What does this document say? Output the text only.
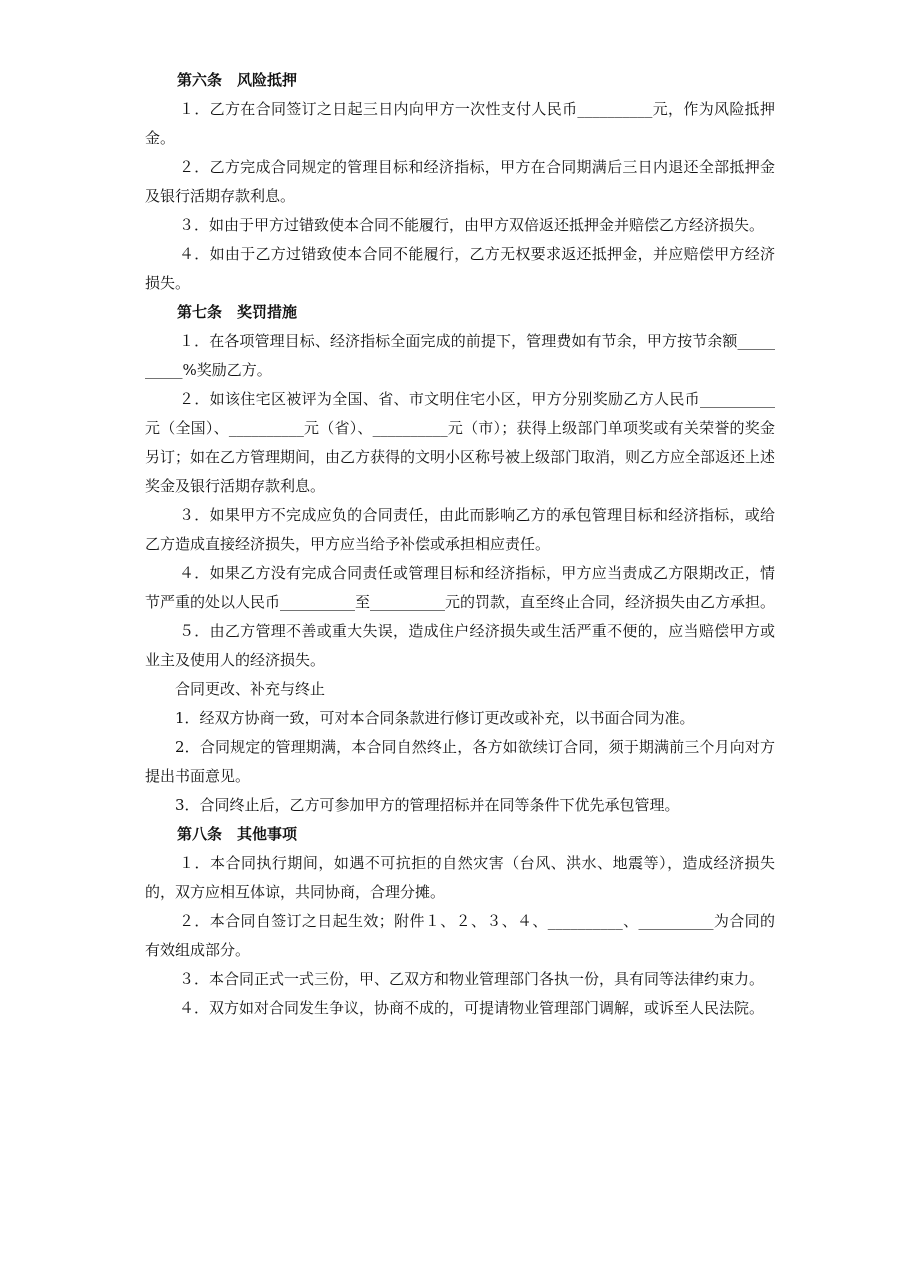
第六条　风险抵押

１．乙方在合同签订之日起三日内向甲方一次性支付人民币__________元，作为风险抵押金。

２．乙方完成合同规定的管理目标和经济指标，甲方在合同期满后三日内退还全部抵押金及银行活期存款利息。

３．如由于甲方过错致使本合同不能履行，由甲方双倍返还抵押金并赔偿乙方经济损失。

４．如由于乙方过错致使本合同不能履行，乙方无权要求返还抵押金，并应赔偿甲方经济损失。

第七条　奖罚措施

１．在各项管理目标、经济指标全面完成的前提下，管理费如有节余，甲方按节余额__________%奖励乙方。

２．如该住宅区被评为全国、省、市文明住宅小区，甲方分别奖励乙方人民币__________元（全国）、__________元（省）、__________元（市）；获得上级部门单项奖或有关荣誉的奖金另订；如在乙方管理期间，由乙方获得的文明小区称号被上级部门取消，则乙方应全部返还上述奖金及银行活期存款利息。

３．如果甲方不完成应负的合同责任，由此而影响乙方的承包管理目标和经济指标，或给乙方造成直接经济损失，甲方应当给予补偿或承担相应责任。

４．如果乙方没有完成合同责任或管理目标和经济指标，甲方应当责成乙方限期改正，情节严重的处以人民币__________至__________元的罚款，直至终止合同，经济损失由乙方承担。

５．由乙方管理不善或重大失误，造成住户经济损失或生活严重不便的，应当赔偿甲方或业主及使用人的经济损失。

合同更改、补充与终止

1．经双方协商一致，可对本合同条款进行修订更改或补充，以书面合同为准。

2．合同规定的管理期满，本合同自然终止，各方如欲续订合同，须于期满前三个月向对方提出书面意见。

3．合同终止后，乙方可参加甲方的管理招标并在同等条件下优先承包管理。

第八条　其他事项

１．本合同执行期间，如遇不可抗拒的自然灾害（台风、洪水、地震等），造成经济损失的，双方应相互体谅，共同协商，合理分摊。

２．本合同自签订之日起生效；附件１、２、３、４、__________、__________为合同的有效组成部分。

３．本合同正式一式三份，甲、乙双方和物业管理部门各执一份，具有同等法律约束力。

４．双方如对合同发生争议，协商不成的，可提请物业管理部门调解，或诉至人民法院。
